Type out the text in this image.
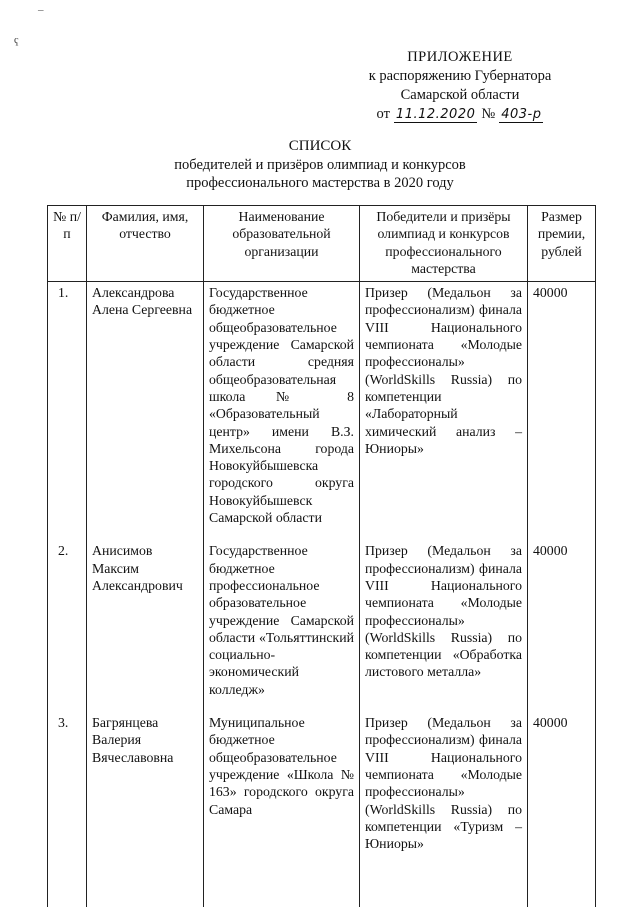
–
ҁ
ПРИЛОЖЕНИЕ
к распоряжению Губернатора
Самарской области
от 11.12.2020 № 403-р
СПИСОК
победителей и призёров олимпиад и конкурсов
профессионального мастерства в 2020 году
№ п/п	Фамилия, имя, отчество	Наименование образовательной организации	Победители и призёры олимпиад и конкурсов профессионального мастерства	Размер премии, рублей
1.	Александрова Алена Сергеевна	Государственное бюджетное общеобразовательное учреждение Самарской области средняя общеобразовательная школа № 8 «Образовательный центр» имени В.З. Михельсона города Новокуйбышевска городского округа Новокуйбышевск Самарской области	Призер (Медальон за профессионализм) финала VIII Национального чемпионата «Молодые профессионалы» (WorldSkills Russia) по компетенции «Лабораторный химический анализ – Юниоры»	40000
2.	Анисимов Максим Александрович	Государственное бюджетное профессиональное образовательное учреждение Самарской области «Тольяттинский социально-экономический колледж»	Призер (Медальон за профессионализм) финала VIII Национального чемпионата «Молодые профессионалы» (WorldSkills Russia) по компетенции «Обработка листового металла»	40000
3.	Багрянцева Валерия Вячеславовна	Муниципальное бюджетное общеобразовательное учреждение «Школа № 163» городского округа Самара	Призер (Медальон за профессионализм) финала VIII Национального чемпионата «Молодые профессионалы» (WorldSkills Russia) по компетенции «Туризм – Юниоры»	40000
